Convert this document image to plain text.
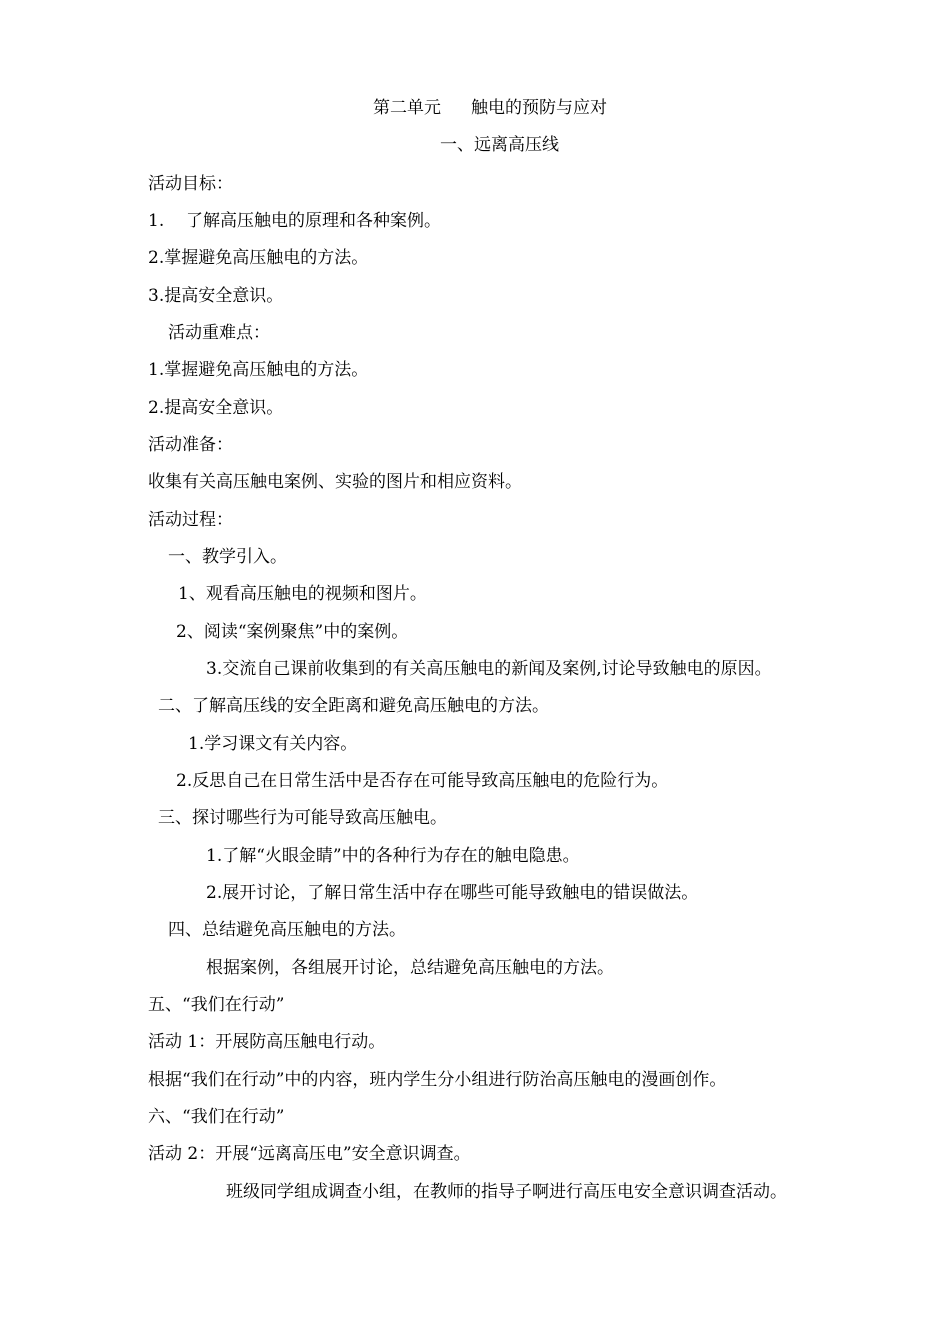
第二单元 触电的预防与应对
一、远离高压线
活动目标：
1. 了解高压触电的原理和各种案例。
2.掌握避免高压触电的方法。
3.提高安全意识。
活动重难点：
1.掌握避免高压触电的方法。
2.提高安全意识。
活动准备：
收集有关高压触电案例、实验的图片和相应资料。
活动过程：
一、教学引入。
1、观看高压触电的视频和图片。
2、阅读“案例聚焦”中的案例。
3.交流自己课前收集到的有关高压触电的新闻及案例,讨论导致触电的原因。
二、了解高压线的安全距离和避免高压触电的方法。
1.学习课文有关内容。
2.反思自己在日常生活中是否存在可能导致高压触电的危险行为。
三、探讨哪些行为可能导致高压触电。
1.了解“火眼金睛”中的各种行为存在的触电隐患。
2.展开讨论，了解日常生活中存在哪些可能导致触电的错误做法。
四、总结避免高压触电的方法。
根据案例，各组展开讨论，总结避免高压触电的方法。
五、“我们在行动”
活动 1：开展防高压触电行动。
根据“我们在行动”中的内容，班内学生分小组进行防治高压触电的漫画创作。
六、“我们在行动”
活动 2：开展“远离高压电”安全意识调查。
班级同学组成调查小组，在教师的指导子啊进行高压电安全意识调查活动。
